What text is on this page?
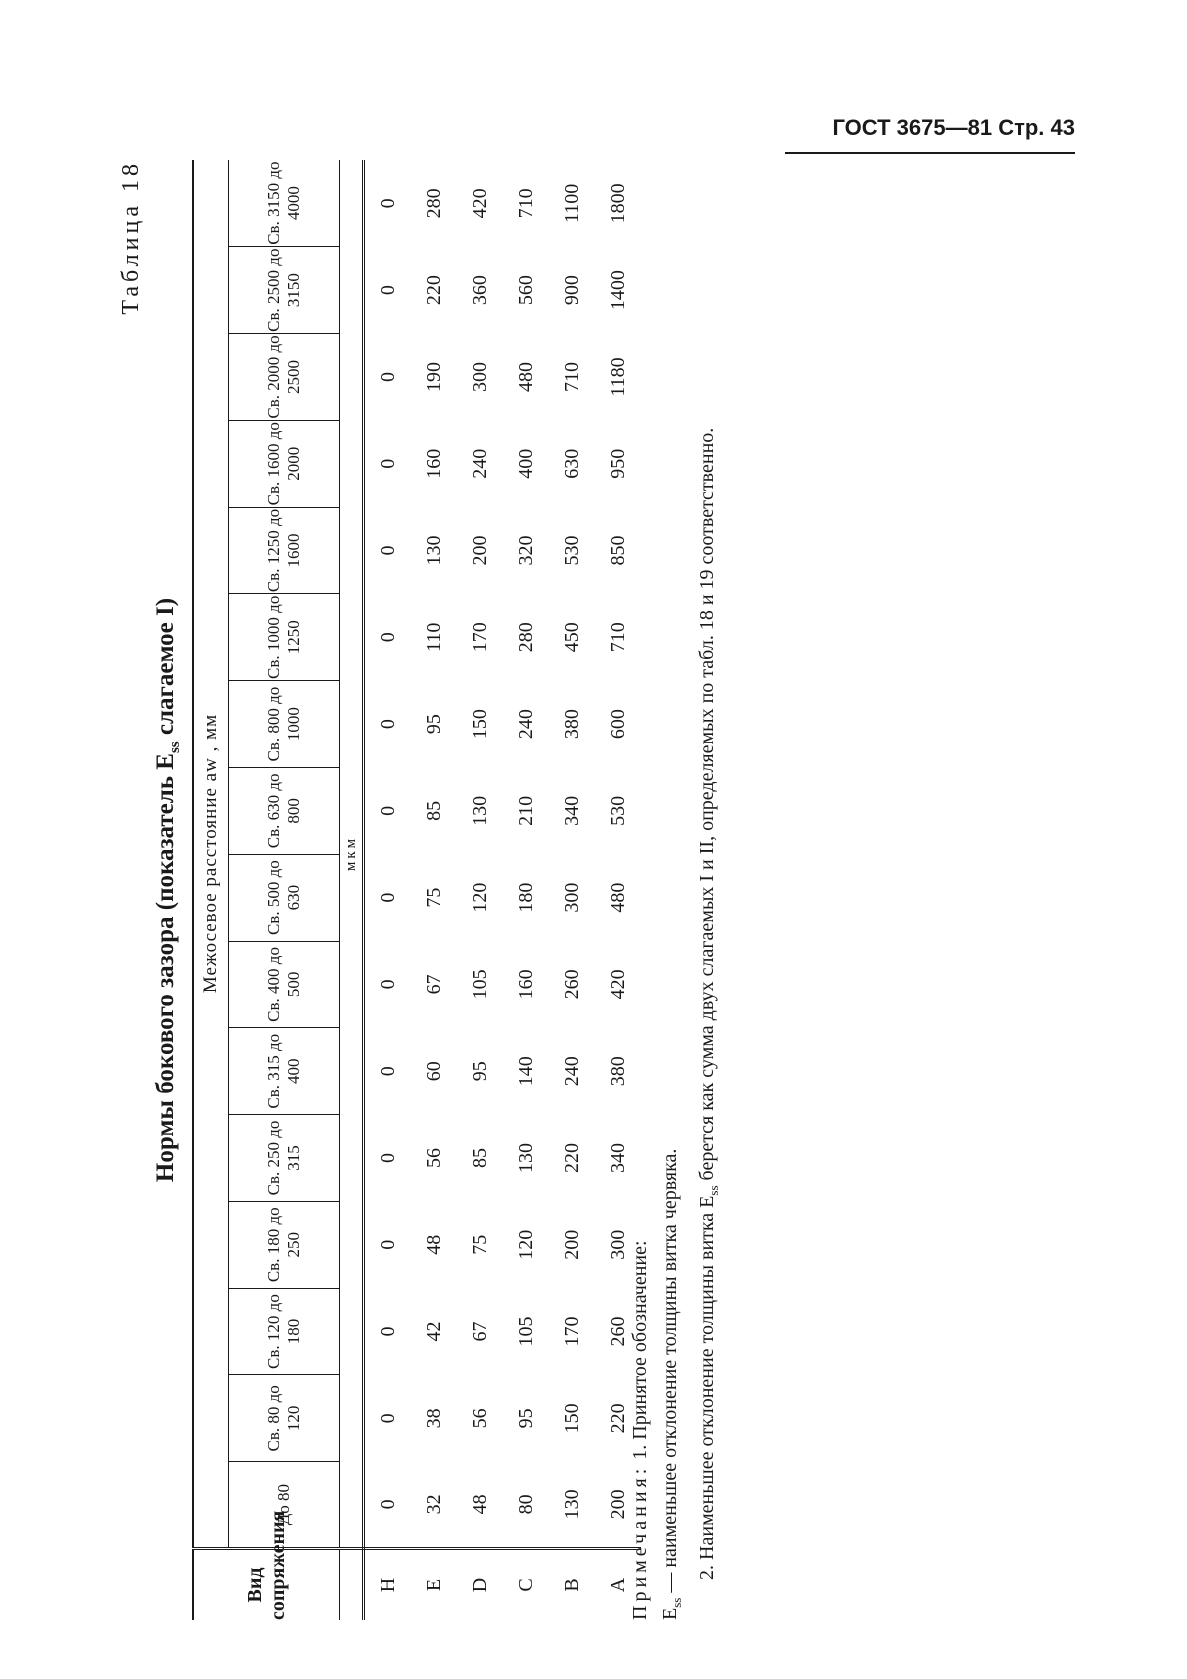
ГОСТ 3675—81 Стр. 43
Таблица 18
Нормы бокового зазора (показатель $E_{ss}$ слагаемое I)
Вид сопряжения	Межосевое расстояние aw , мм															
	До 80	Св. 80 до 120	Св. 120 до 180	Св. 180 до 250	Св. 250 до 315	Св. 315 до 400	Св. 400 до 500	Св. 500 до 630	Св. 630 до 800	Св. 800 до 1000	Св. 1000 до 1250	Св. 1250 до 1600	Св. 1600 до 2000	Св. 2000 до 2500	Св. 2500 до 3150	Св. 3150 до 4000
	мкм															
H	0	0	0	0	0	0	0	0	0	0	0	0	0	0	0	0
E	32	38	42	48	56	60	67	75	85	95	110	130	160	190	220	280
D	48	56	67	75	85	95	105	120	130	150	170	200	240	300	360	420
C	80	95	105	120	130	140	160	180	210	240	280	320	400	480	560	710
B	130	150	170	200	220	240	260	300	340	380	450	530	630	710	900	1100
A	200	220	260	300	340	380	420	480	530	600	710	850	950	1180	1400	1800

Примечания: 1. Принятое обозначение:

$E_{ss}$ — наименьшее отклонение толщины витка червяка. 2. Наименьшее отклонение толщины витка $E_{ss}$ берется как сумма двух слагаемых I и II, определяемых по табл. 18 и 19 соответственно.
